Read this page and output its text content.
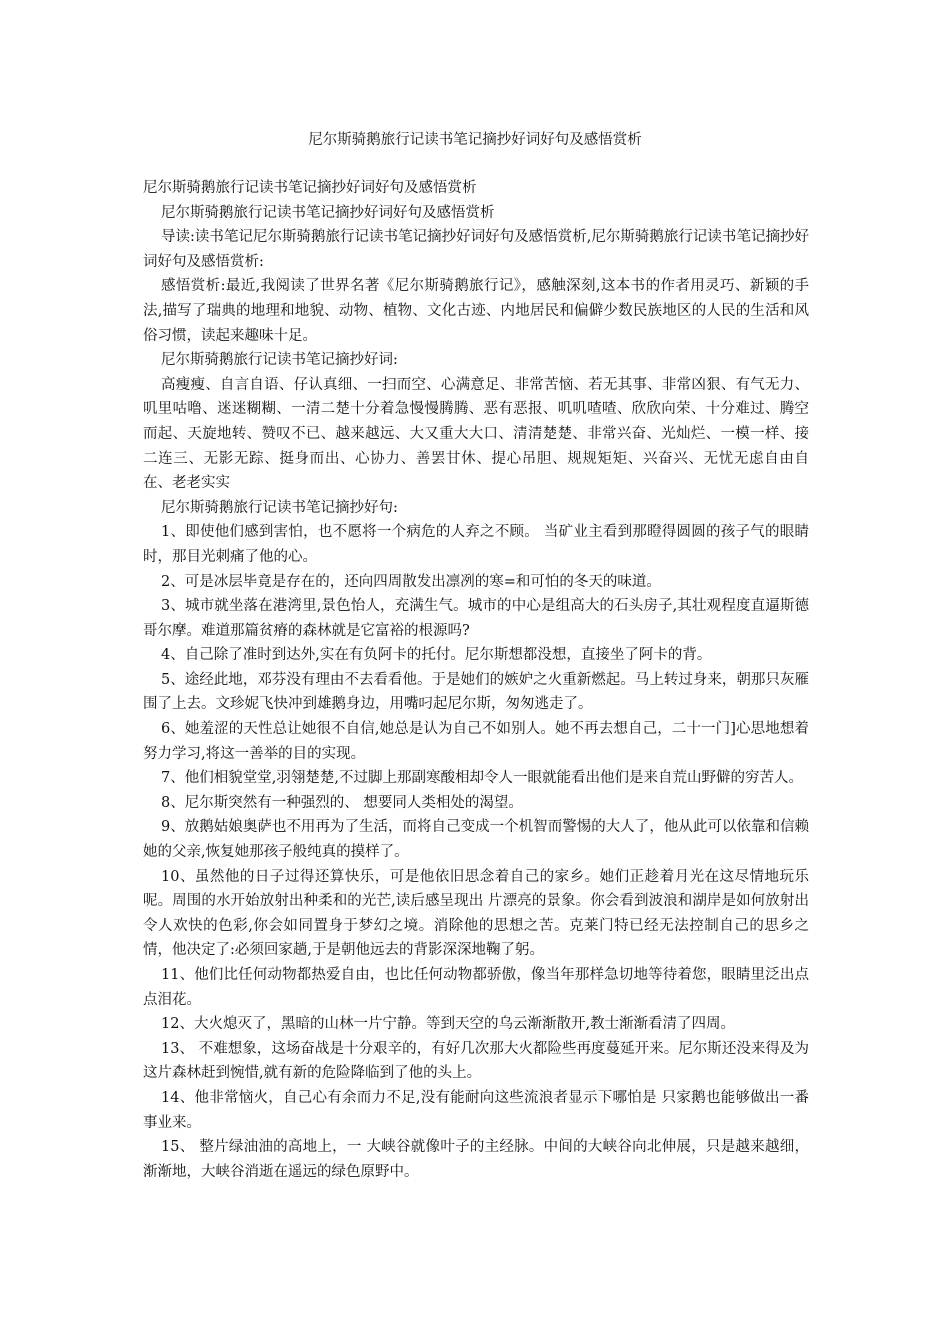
尼尔斯骑鹅旅行记读书笔记摘抄好词好句及感悟赏析

尼尔斯骑鹅旅行记读书笔记摘抄好词好句及感悟赏析

尼尔斯骑鹅旅行记读书笔记摘抄好词好句及感悟赏析

导读:读书笔记尼尔斯骑鹅旅行记读书笔记摘抄好词好句及感悟赏析,尼尔斯骑鹅旅行记读书笔记摘抄好词好句及感悟赏析:

感悟赏析:最近,我阅读了世界名著《尼尔斯骑鹅旅行记》，感触深刻,这本书的作者用灵巧、新颖的手法,描写了瑞典的地理和地貌、动物、植物、文化古迹、内地居民和偏僻少数民族地区的人民的生活和风俗习惯，读起来趣味十足。

尼尔斯骑鹅旅行记读书笔记摘抄好词:

高瘦瘦、自言自语、仔认真细、一扫而空、心满意足、非常苦恼、若无其事、非常凶狠、有气无力、叽里咕噜、迷迷糊糊、一清二楚十分着急慢慢腾腾、恶有恶报、叽叽喳喳、欣欣向荣、十分难过、腾空而起、天旋地转、赞叹不已、越来越远、大又重大大口、清清楚楚、非常兴奋、光灿烂、一模一样、接二连三、无影无踪、挺身而出、心协力、善罢甘休、提心吊胆、规规矩矩、兴奋兴、无忧无虑自由自在、老老实实

尼尔斯骑鹅旅行记读书笔记摘抄好句:

1、即使他们感到害怕，也不愿将一个病危的人弃之不顾。 当矿业主看到那瞪得圆圆的孩子气的眼睛时，那目光刺痛了他的心。

2、可是冰层毕竟是存在的，还向四周散发出凛冽的寒=和可怕的冬天的味道。

3、城市就坐落在港湾里,景色怡人，充满生气。城市的中心是组高大的石头房子,其壮观程度直逼斯德哥尔摩。难道那篇贫瘠的森林就是它富裕的根源吗?

4、自己除了准时到达外,实在有负阿卡的托付。尼尔斯想都没想，直接坐了阿卡的背。

5、途经此地，邓芬没有理由不去看看他。于是她们的嫉妒之火重新燃起。马上转过身来，朝那只灰雁围了上去。文珍妮飞快冲到雄鹅身边，用嘴叼起尼尔斯，匆匆逃走了。

6、她羞涩的天性总让她很不自信,她总是认为自己不如别人。她不再去想自己，二十一门]心思地想着努力学习,将这一善举的目的实现。

7、他们相貌堂堂,羽翎楚楚,不过脚上那副寒酸相却令人一眼就能看出他们是来自荒山野僻的穷苦人。

8、尼尔斯突然有一种强烈的、 想要同人类相处的渴望。

9、放鹅姑娘奥萨也不用再为了生活，而将自己变成一个机智而警惕的大人了，他从此可以依靠和信赖她的父亲,恢复她那孩子般纯真的摸样了。

10、虽然他的日子过得还算快乐，可是他依旧思念着自己的家乡。她们正趁着月光在这尽情地玩乐呢。周围的水开始放射出种柔和的光芒,读后感呈现出 片漂亮的景象。你会看到波浪和湖岸是如何放射出令人欢快的色彩,你会如同置身于梦幻之境。消除他的思想之苦。克莱门特已经无法控制自己的思乡之情，他决定了:必须回家趟,于是朝他远去的背影深深地鞠了躬。

11、他们比任何动物都热爱自由，也比任何动物都骄傲，像当年那样急切地等待着您，眼睛里泛出点点泪花。

12、大火熄灭了，黑暗的山林一片宁静。等到天空的乌云渐渐散开,教士渐渐看清了四周。

13、 不难想象，这场奋战是十分艰辛的，有好几次那大火都险些再度蔓延开来。尼尔斯还没来得及为这片森林赶到惋惜,就有新的危险降临到了他的头上。

14、他非常恼火，自己心有余而力不足,没有能耐向这些流浪者显示下哪怕是 只家鹅也能够做出一番事业来。

15、 整片绿油油的高地上，一 大峡谷就像叶子的主经脉。中间的大峡谷向北伸展，只是越来越细，渐渐地，大峡谷消逝在遥远的绿色原野中。
